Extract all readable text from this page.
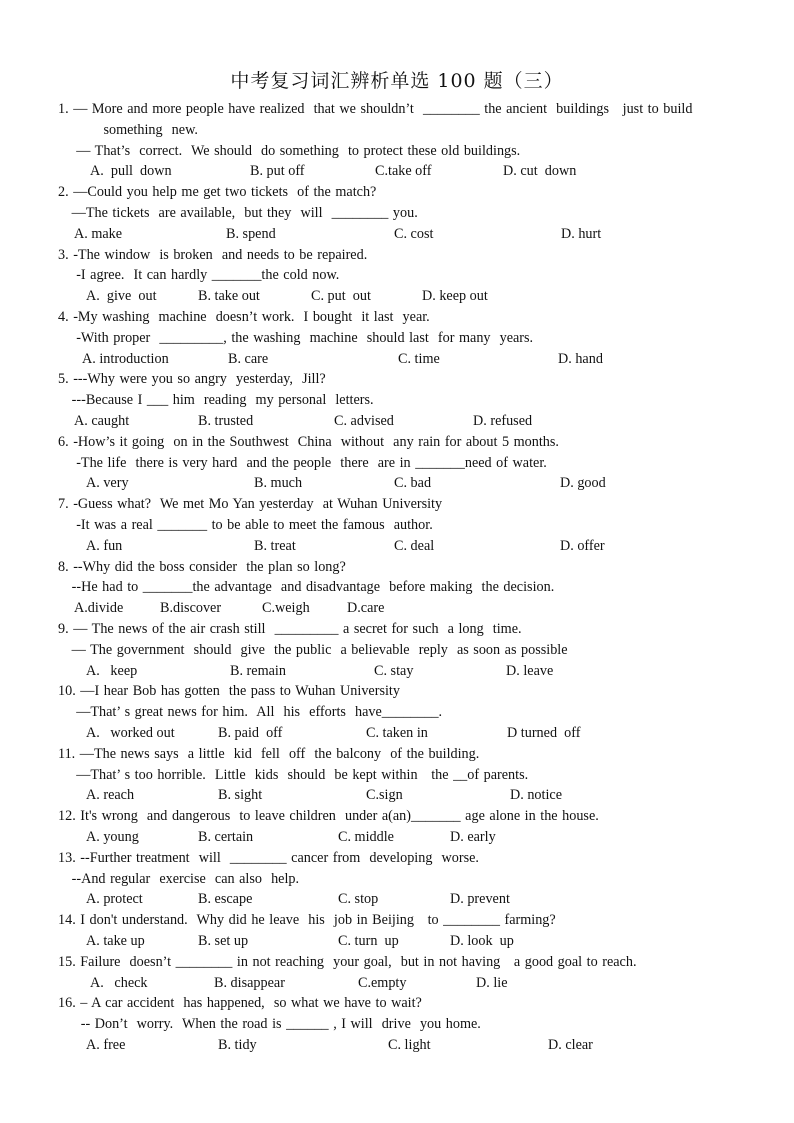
中考复习词汇辨析单选 100 题（三）
1. — More and more people have realized  that we shouldn’t  ________ the ancient  buildings   just to build
something  new.
— That’s  correct.  We should  do something  to protect these old buildings.
A.  pull  down	B. put off	C.take off	D. cut  down
2. —Could you help me get two tickets  of the match?
—The tickets  are available,  but they  will  ________ you.
A. make	B. spend	C. cost	D. hurt
3. -The window  is broken  and needs to be repaired.
-I agree.  It can hardly _______the cold now.
A.  give  out	B. take out	C. put  out	D. keep out
4. -My washing  machine  doesn’t work.  I bought  it last  year.
-With proper  _________, the washing  machine  should last  for many  years.
A. introduction	B. care	C. time	D. hand
5. ---Why were you so angry  yesterday,  Jill?
---Because I ___ him  reading  my personal  letters.
A. caught	B. trusted	C. advised	D. refused
6. -How’s it going  on in the Southwest  China  without  any rain for about 5 months.
-The life  there is very hard  and the people  there  are in _______need of water.
A. very	B. much	C. bad	D. good
7. -Guess what?  We met Mo Yan yesterday  at Wuhan University
-It was a real _______ to be able to meet the famous  author.
A. fun	B. treat	C. deal	D. offer
8. --Why did the boss consider  the plan so long?
--He had to _______the advantage  and disadvantage  before making  the decision.
A.divide	B.discover	C.weigh	D.care
9. — The news of the air crash still  _________ a secret for such  a long  time.
— The government  should  give  the public  a believable  reply  as soon as possible
A.   keep	B. remain	C. stay	D. leave
10. —I hear Bob has gotten  the pass to Wuhan University
—That’ s great news for him.  All  his  efforts  have________.
A.   worked out	B. paid  off	C. taken in	D turned  off
11. —The news says  a little  kid  fell  off  the balcony  of the building.
—That’ s too horrible.  Little  kids  should  be kept within   the __of parents.
A. reach	B. sight	C.sign	D. notice
12. It's wrong  and dangerous  to leave children  under a(an)_______ age alone in the house.
A. young	B. certain	C. middle	D. early
13. --Further treatment  will  ________ cancer from  developing  worse.
--And regular  exercise  can also  help.
A. protect	B. escape	C. stop	D. prevent
14. I don't understand.  Why did he leave  his  job in Beijing   to ________ farming?
A. take up	B. set up	C. turn  up	D. look  up
15. Failure  doesn’t ________ in not reaching  your goal,  but in not having   a good goal to reach.
A.   check	B. disappear	C.empty	D. lie
16. – A car accident  has happened,  so what we have to wait?
-- Don’t  worry.  When the road is ______ , I will  drive  you home.
A. free	B. tidy	C. light	D. clear
